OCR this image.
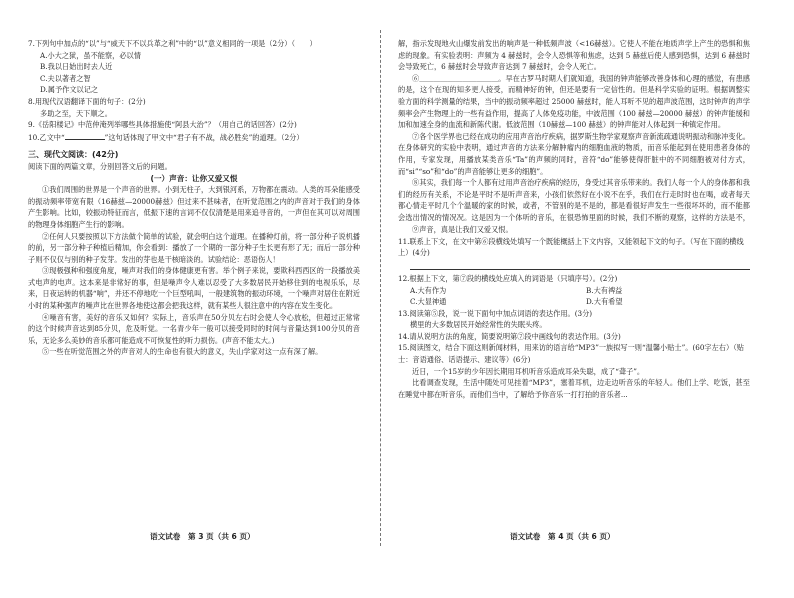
7.下列句中加点的“以”与“威天下不以兵革之利”中的“以”意义相同的一项是（2分）（　　）
A.小大之狱，虽不能察，必以情
B.我以日始出时去人近
C.夫以著者之智
D.属予作文以记之
8.用现代汉语翻译下面的句子：(2分)
多助之至，天下顺之。
9.《岳阳楼记》中范仲淹列举哪些具体措施使“阿县大治”？（用自己的话回答）(2分)
10.乙文中“	”这句话体现了甲文中“君子有不战，战必胜矣”的道理。（2分）
三、现代文阅读：(42分)
阅读下面的两篇文章，分别回答文后的问题。
(一）声音：让你又爱又恨
①我们周围的世界是一个声音的世界。小到无柱子，大到银河系，万物都在震动。人类的耳朵能感受的振动频率带宽有限（16赫兹—20000赫兹）但过来不甚味者，在听觉范围之内的声音对于我们的身体产生影响。比如，较振动特征而言，低振下速的言词不仅仅清楚是用来追寻音的，一声但在其可以对周围的物理身体细胞产生行的影响。
②任何人只要按照以下方法做个简单的试验，就会明白这个道理。在播种灯前，将一部分种子说机播的前，另一部分种子种植后精加，你会看到：播放了一个期的一部分种子生长更有形了无；而后一部分种子则不仅仅与别的种子发芽。发出的芽也是干核暗淡的。试验结论：恶语伤人！
③现极强种和强度角度，噪声对我们的身体健康更有害。举个例子来说，要欺科西西区的一段播放美式电声的电声。这本来是非常好的事，但是噪声令人难以忍受了大多数居民开始移住到的电视乐乐，尽来，日夜运转的机器“响”，并还不停地吃一个巨型吼叫，一般建筑物的振动环境，一个噪声对居住在附近小时的某种强声的噪声比在世界各地使这都会把我这样，就有某些人很注意中的内容在发生变化。
④噪音有害，美好的音乐又如何？实际上，音乐声在50分贝左右时会使人令心放松，但超过正常常的这个时候声音达到85分贝，危及听觉。一名青少年一般可以接受同时的时间与音量达到100分贝的音乐，无论多么美妙的音乐都可能造成不可恢复性的听力损伤。(声音不能太大。)
⑤一些在听觉范围之外的声音对人的生命也有很大的意义，失山学家对这一点有深了解。
语文试卷　第 3 页（共 6 页）
解，指示发现地火山爆发前发出的响声是一种低频声波（<16赫兹）。它使人不能在地质声学上产生的恐惧和焦虑的现象。有实验表明：声频为 4 赫兹时，会令人恐惧等和焦虑，达到 5 赫兹后使人感到恐惧，达到 6 赫兹时会导致死亡，6 赫兹时会导致声音达到 7 赫兹时，会令人死亡。
⑥＿＿＿＿＿＿＿＿＿＿＿。早在古罗马时期人们就知道，我国的钟声能够改善身体和心理的感觉，有患感的是，这个在现的知多更人接受，而精神好的钟，但还是要有一定信性的。但是科学实验的证明。根据调整实验方面的科学测量的结果，当中的振动频率超过 25000 赫兹时，能人耳听不见的超声波范围，这时钟声的声学频率会产生物理上的一些有益作用，提高了人体免疫功能，中波范围（100 赫兹—20000 赫兹）的钟声能缓和加和加速全身的血流和新陈代谢。低波范围（10赫兹—100 赫兹）的钟声能对人体起到一种镇定作用。
⑦各个医学界也已经在成功的应用声音治疗疾病，据罗斯生物学家观察声音新流疏通说明振动和脉冲变化。在身体研究的实验中表明，通过声音的方法来分解肿瘤内的细胞血液的物质，而音乐能起到在使用患者身体的作用，专家发现，用播放某类音乐“Ta”的声频的同时，音符“do”能够使得肝脏中的不同细胞被对付方式，而“si”“so”和“do”的声音能够让更多的细胞”。
⑧其实，我们每一个人都有过用声音治疗疾病的经历，身受过其音乐带来的。我们人每一个人的身体都和我们的经历有关系，不论是平时不是听声音来，小孩们依然好在小说不在乎，我们在行走时时也在喝，或者每天都心情走平时几个个温暖的家的时候，或者，不管别的是不是的，都是看很好声发生一些很坏坏的，而不能都会选出情况的情况况。这是因为一个体听的音乐，在很恐怖里面的时候，我们不断的观察，这样的方法是不，
⑨声音，真是让我们又爱又恨。
11.联系上下文，在文中第⑥段横线处填写一个既能概括上下文内容，又能领起下文的句子。（写在下面的横线上）(4分)
12.根据上下文，第⑦段的横线处应填入的词语是（只填序号）。(2分)
A.大有作为	B.大有裨益
C.大显神通	D.大有希望
13.阅读第⑤段，说一说下面句中加点词语的表达作用。(3分)
横里的大多数居民开始经常性的失眠头疼。
14.请从说明方法的角度，简要说明第⑦段中画线句的表达作用。(3分)
15.阅读图文，结合下面这则新闻材料，用来访的语言给“MP3”一族拟写一则“温馨小贴士”。(60字左右）（贴士：音语通俗、话语提示、建议等）(6分)
近日，一个15岁的少年因长期用耳机听音乐造成耳朵失聪，成了“聋子”。
比看调查发现，生活中随处可见挂着“MP3”，塞着耳机，边走边听音乐的年轻人。他们上学、吃饭，甚至在睡觉中都在听音乐，而他们当中，了解给予你音乐一打打拍的音乐者...
语文试卷　第 4 页（共 6 页）
